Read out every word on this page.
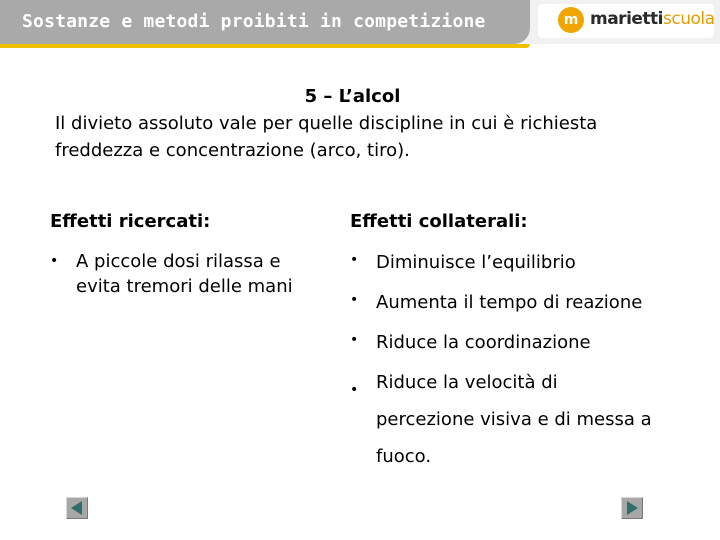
Sostanze e metodi proibiti in competizione	m mariettiscuola
5 – L’alcol
Il divieto assoluto vale per quelle discipline in cui è richiesta freddezza e concentrazione (arco, tiro).
Effetti ricercati:	Effetti collaterali:
• A piccole dosi rilassa e evita tremori delle mani
• Diminuisce l’equilibrio
• Aumenta il tempo di reazione
• Riduce la coordinazione
• Riduce la velocità di percezione visiva e di messa a fuoco.
